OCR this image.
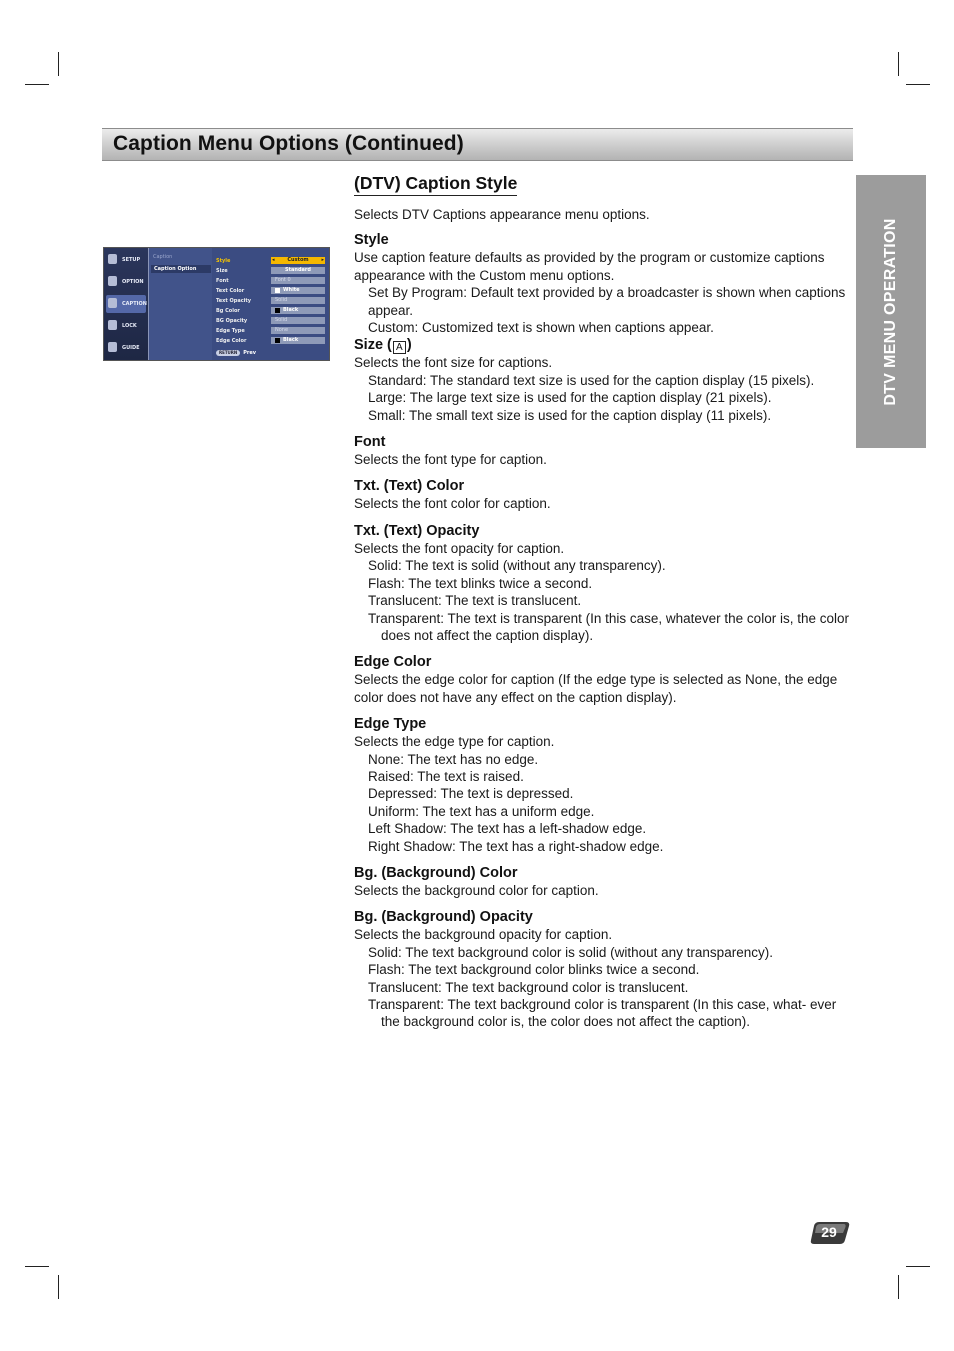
Caption Menu Options (Continued)
DTV MENU OPERATION
SETUP
OPTION
CAPTION
LOCK
GUIDE
Caption
Caption Option
Style	◂	Custom	▸
Size	Standard
Font	Font 0
Text Color	White
Text Opacity	Solid
Bg Color	Black
BG Opacity	Solid
Edge Type	None
Edge Color	Black
RETURN Prev
(DTV) Caption Style

Selects DTV Captions appearance menu options.

Style

Use caption feature defaults as provided by the program or customize captions appearance with the Custom menu options.

Set By Program: Default text provided by a broadcaster is shown when captions appear.

Custom: Customized text is shown when captions appear.

Size ( A )

Selects the font size for captions.

Standard: The standard text size is used for the caption display (15 pixels).

Large: The large text size is used for the caption display (21 pixels).

Small: The small text size is used for the caption display (11 pixels).

Font

Selects the font type for caption.

Txt. (Text) Color

Selects the font color for caption.

Txt. (Text) Opacity

Selects the font opacity for caption.

Solid: The text is solid (without any transparency).

Flash: The text blinks twice a second.

Translucent: The text is translucent.

Transparent: The text is transparent (In this case, whatever the color is, the color does not affect the caption display).

Edge Color

Selects the edge color for caption (If the edge type is selected as None, the edge color does not have any effect on the caption display).

Edge Type

Selects the edge type for caption.

None: The text has no edge.

Raised: The text is raised.

Depressed: The text is depressed.

Uniform: The text has a uniform edge.

Left Shadow: The text has a left-shadow edge.

Right Shadow: The text has a right-shadow edge.

Bg. (Background) Color

Selects the background color for caption.

Bg. (Background) Opacity

Selects the background opacity for caption.

Solid: The text background color is solid (without any transparency).

Flash: The text background color blinks twice a second.

Translucent: The text background color is translucent.

Transparent: The text background color is transparent (In this case, what- ever the background color is, the color does not affect the caption).

29
